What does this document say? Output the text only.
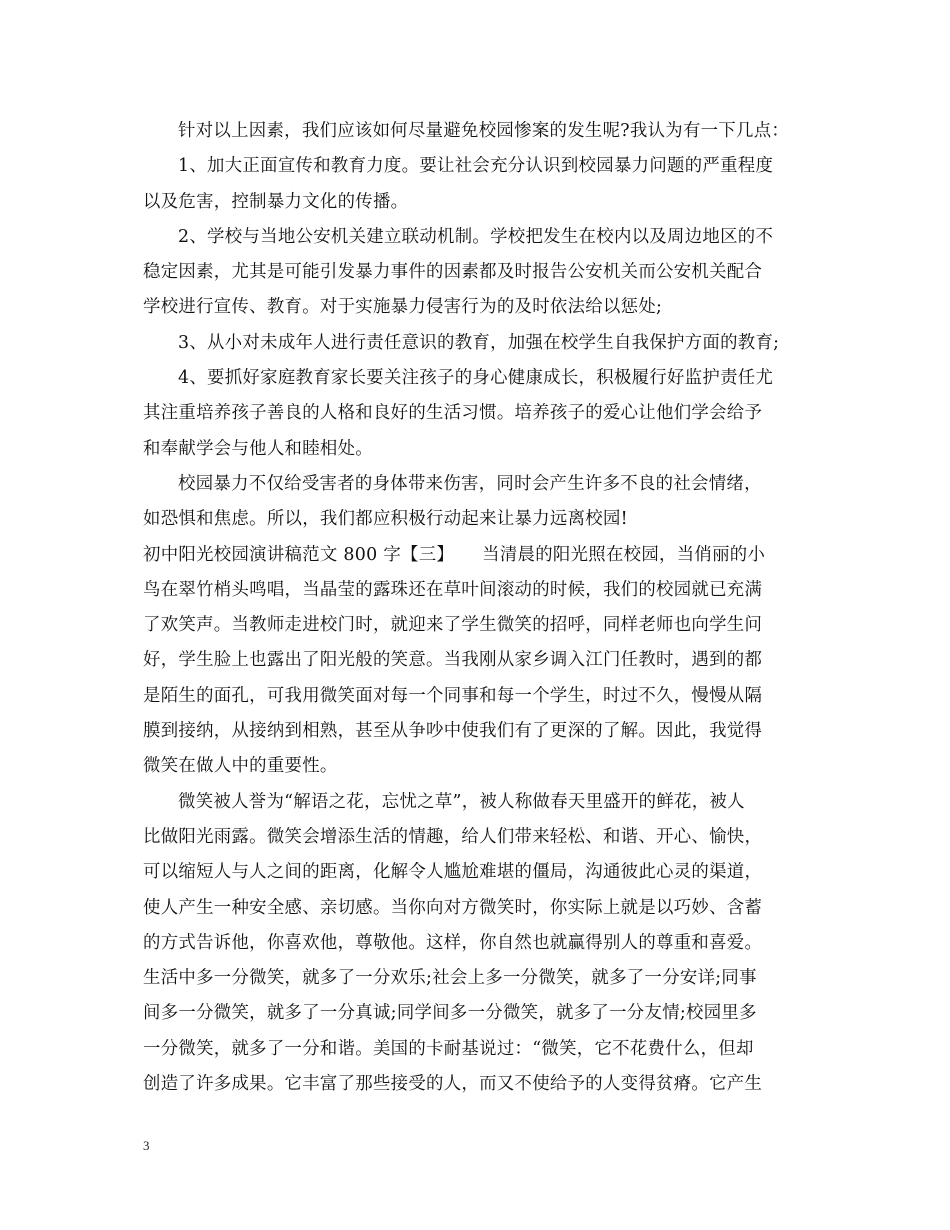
针对以上因素，我们应该如何尽量避免校园惨案的发生呢?我认为有一下几点：
1、加大正面宣传和教育力度。要让社会充分认识到校园暴力问题的严重程度
以及危害，控制暴力文化的传播。
2、学校与当地公安机关建立联动机制。学校把发生在校内以及周边地区的不
稳定因素，尤其是可能引发暴力事件的因素都及时报告公安机关而公安机关配合
学校进行宣传、教育。对于实施暴力侵害行为的及时依法给以惩处;
3、从小对未成年人进行责任意识的教育，加强在校学生自我保护方面的教育;
4、要抓好家庭教育家长要关注孩子的身心健康成长，积极履行好监护责任尤
其注重培养孩子善良的人格和良好的生活习惯。培养孩子的爱心让他们学会给予
和奉献学会与他人和睦相处。
校园暴力不仅给受害者的身体带来伤害，同时会产生许多不良的社会情绪，
如恐惧和焦虑。所以，我们都应积极行动起来让暴力远离校园!
初中阳光校园演讲稿范文 800 字【三】 当清晨的阳光照在校园，当俏丽的小
鸟在翠竹梢头鸣唱，当晶莹的露珠还在草叶间滚动的时候，我们的校园就已充满
了欢笑声。当教师走进校门时，就迎来了学生微笑的招呼，同样老师也向学生问
好，学生脸上也露出了阳光般的笑意。当我刚从家乡调入江门任教时，遇到的都
是陌生的面孔，可我用微笑面对每一个同事和每一个学生，时过不久，慢慢从隔
膜到接纳，从接纳到相熟，甚至从争吵中使我们有了更深的了解。因此，我觉得
微笑在做人中的重要性。
微笑被人誉为“解语之花，忘忧之草”，被人称做春天里盛开的鲜花，被人
比做阳光雨露。微笑会增添生活的情趣，给人们带来轻松、和谐、开心、愉快，
可以缩短人与人之间的距离，化解令人尴尬难堪的僵局，沟通彼此心灵的渠道，
使人产生一种安全感、亲切感。当你向对方微笑时，你实际上就是以巧妙、含蓄
的方式告诉他，你喜欢他，尊敬他。这样，你自然也就赢得别人的尊重和喜爱。
生活中多一分微笑，就多了一分欢乐;社会上多一分微笑，就多了一分安详;同事
间多一分微笑，就多了一分真诚;同学间多一分微笑，就多了一分友情;校园里多
一分微笑，就多了一分和谐。美国的卡耐基说过：“微笑，它不花费什么，但却
创造了许多成果。它丰富了那些接受的人，而又不使给予的人变得贫瘠。它产生
3
